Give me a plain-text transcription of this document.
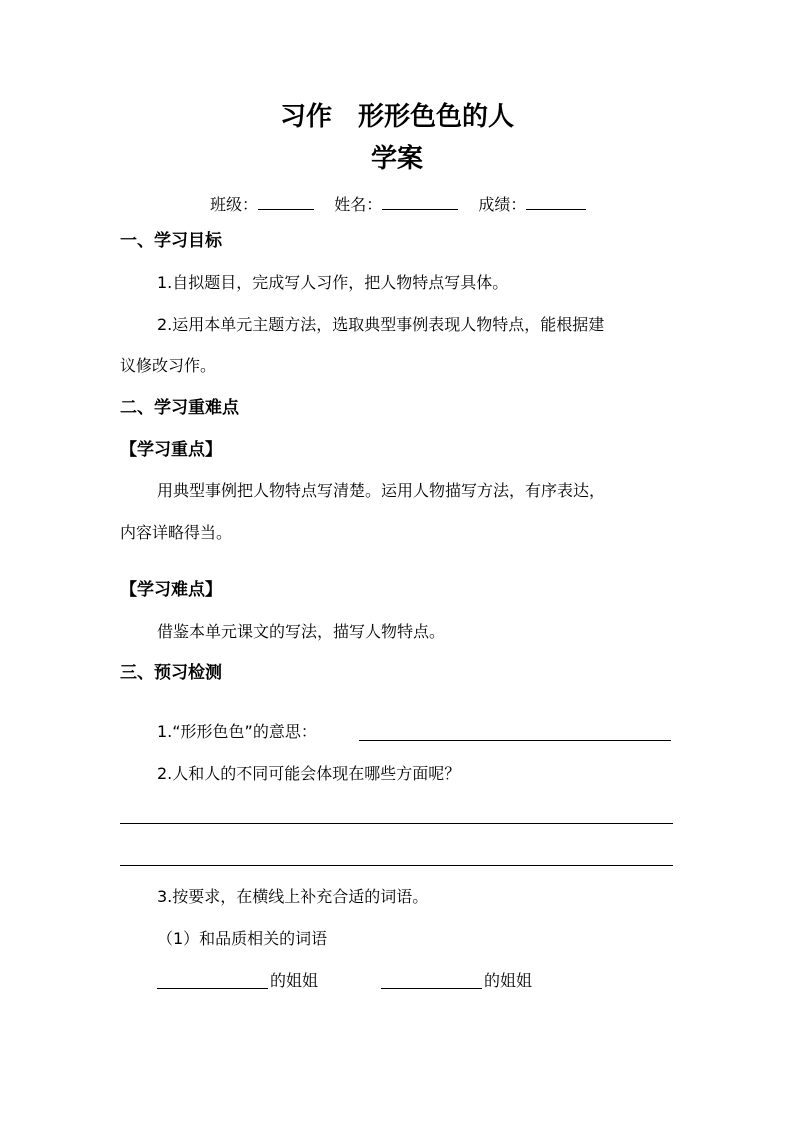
习作　形形色色的人
学案
班级：	姓名：	成绩：
一、学习目标
1.自拟题目，完成写人习作，把人物特点写具体。
2.运用本单元主题方法，选取典型事例表现人物特点，能根据建
议修改习作。
二、学习重难点
【学习重点】
用典型事例把人物特点写清楚。运用人物描写方法，有序表达，
内容详略得当。
【学习难点】
借鉴本单元课文的写法，描写人物特点。
三、预习检测
1.“形形色色”的意思：
2.人和人的不同可能会体现在哪些方面呢？
3.按要求，在横线上补充合适的词语。
（1）和品质相关的词语
的姐姐	的姐姐
